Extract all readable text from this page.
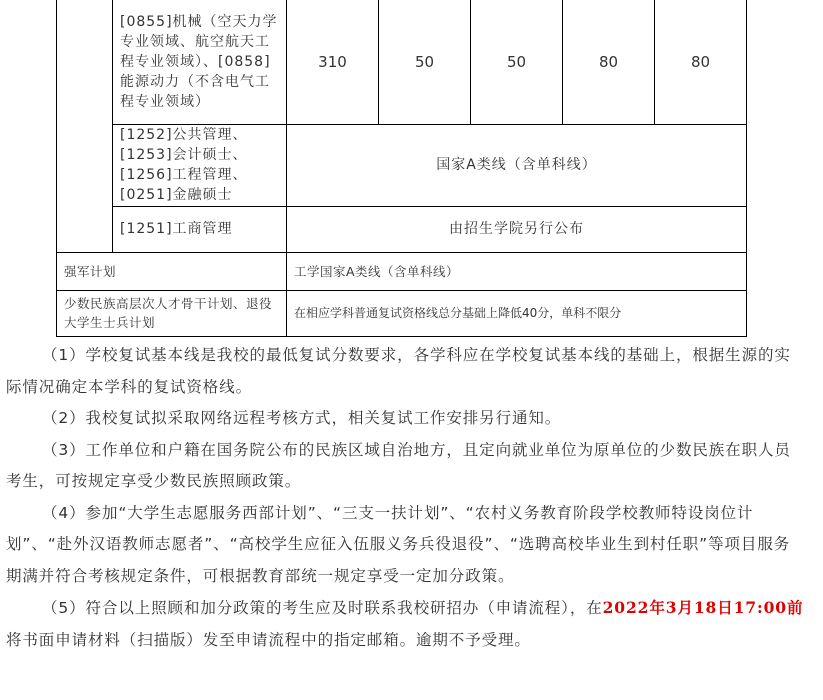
	[0855]机械（空天力学专业领域、航空航天工程专业领域）、[0858]能源动力（不含电气工程专业领域）	310	50	50	80	80
	[1252]公共管理、[1253]会计硕士、[1256]工程管理、[0251]金融硕士	国家A类线（含单科线）				
	[1251]工商管理	由招生学院另行公布				
强军计划		工学国家A类线（含单科线）				
少数民族高层次人才骨干计划、退役大学生士兵计划		在相应学科普通复试资格线总分基础上降低40分，单科不限分				

（1）学校复试基本线是我校的最低复试分数要求，各学科应在学校复试基本线的基础上，根据生源的实际情况确定本学科的复试资格线。

（2）我校复试拟采取网络远程考核方式，相关复试工作安排另行通知。

（3）工作单位和户籍在国务院公布的民族区域自治地方，且定向就业单位为原单位的少数民族在职人员考生，可按规定享受少数民族照顾政策。

（4）参加“大学生志愿服务西部计划”、“三支一扶计划”、“农村义务教育阶段学校教师特设岗位计划”、“赴外汉语教师志愿者”、“高校学生应征入伍服义务兵役退役”、“选聘高校毕业生到村任职”等项目服务期满并符合考核规定条件，可根据教育部统一规定享受一定加分政策。

（5）符合以上照顾和加分政策的考生应及时联系我校研招办（申请流程），在2022年3月18日17:00前将书面申请材料（扫描版）发至申请流程中的指定邮箱。逾期不予受理。
